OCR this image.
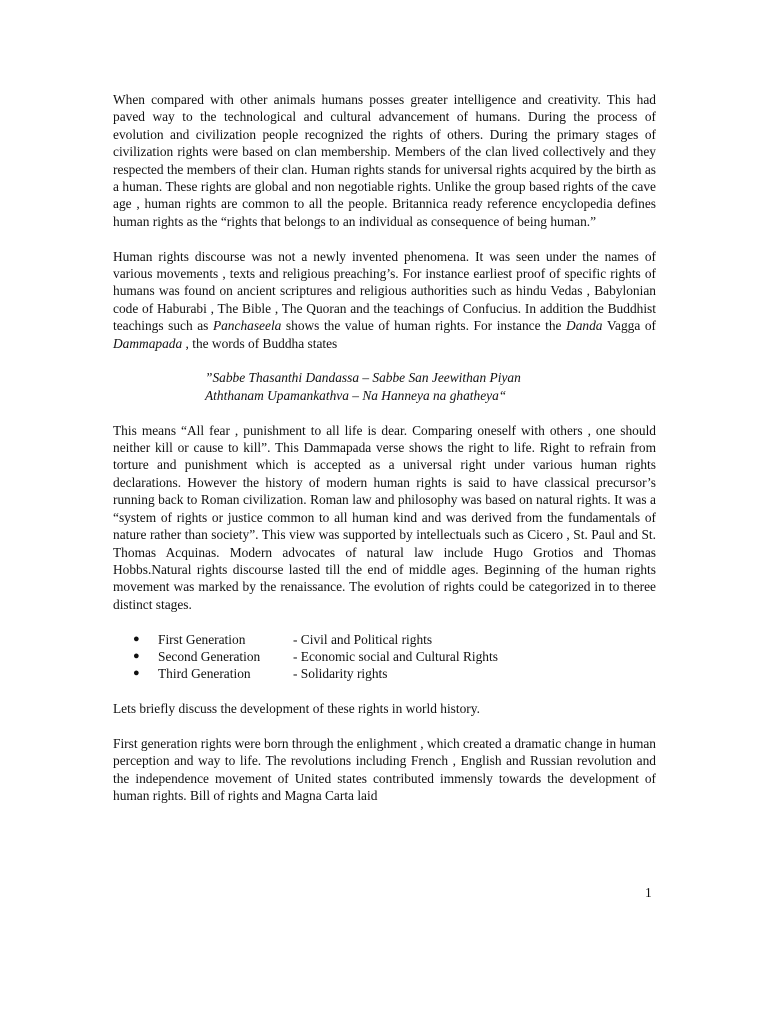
When compared with other animals humans posses greater intelligence and creativity. This had paved way to the technological and cultural advancement of humans. During the process of evolution and civilization people recognized the rights of others. During the primary stages of civilization rights were based on clan membership. Members of the clan lived collectively and they respected the members of their clan. Human rights stands for universal rights acquired by the birth as a human. These rights are global and non negotiable rights. Unlike the group based rights of the cave age , human rights are common to all the people. Britannica ready reference encyclopedia defines human rights as the “rights that belongs to an individual as consequence of being human.”

Human rights discourse was not a newly invented phenomena. It was seen under the names of various movements , texts and religious preaching’s. For instance earliest proof of specific rights of humans was found on ancient scriptures and religious authorities such as hindu Vedas , Babylonian code of Haburabi , The Bible , The Quoran and the teachings of Confucius. In addition the Buddhist teachings such as Panchaseela shows the value of human rights. For instance the Danda Vagga of Dammapada , the words of Buddha states

”Sabbe Thasanthi Dandassa – Sabbe San Jeewithan Piyan
Aththanam Upamankathva – Na Hanneya na ghatheya“

This means “All fear , punishment to all life is dear. Comparing oneself with others , one should neither kill or cause to kill”. This Dammapada verse shows the right to life. Right to refrain from torture and punishment which is accepted as a universal right under various human rights declarations. However the history of modern human rights is said to have classical precursor’s running back to Roman civilization. Roman law and philosophy was based on natural rights. It was a “system of rights or justice common to all human kind and was derived from the fundamentals of nature rather than society”. This view was supported by intellectuals such as Cicero , St. Paul and St. Thomas Acquinas. Modern advocates of natural law include Hugo Grotios and Thomas Hobbs.Natural rights discourse lasted till the end of middle ages. Beginning of the human rights movement was marked by the renaissance. The evolution of rights could be categorized in to theree distinct stages.

●	First Generation	- Civil and Political rights
●	Second Generation	- Economic social and Cultural Rights
●	Third Generation	- Solidarity rights

Lets briefly discuss the development of these rights in world history.

First generation rights were born through the enlighment , which created a dramatic change in human perception and way to life. The revolutions including French , English and Russian revolution and the independence movement of United states contributed immensly towards the development of human rights. Bill of rights and Magna Carta laid

1
